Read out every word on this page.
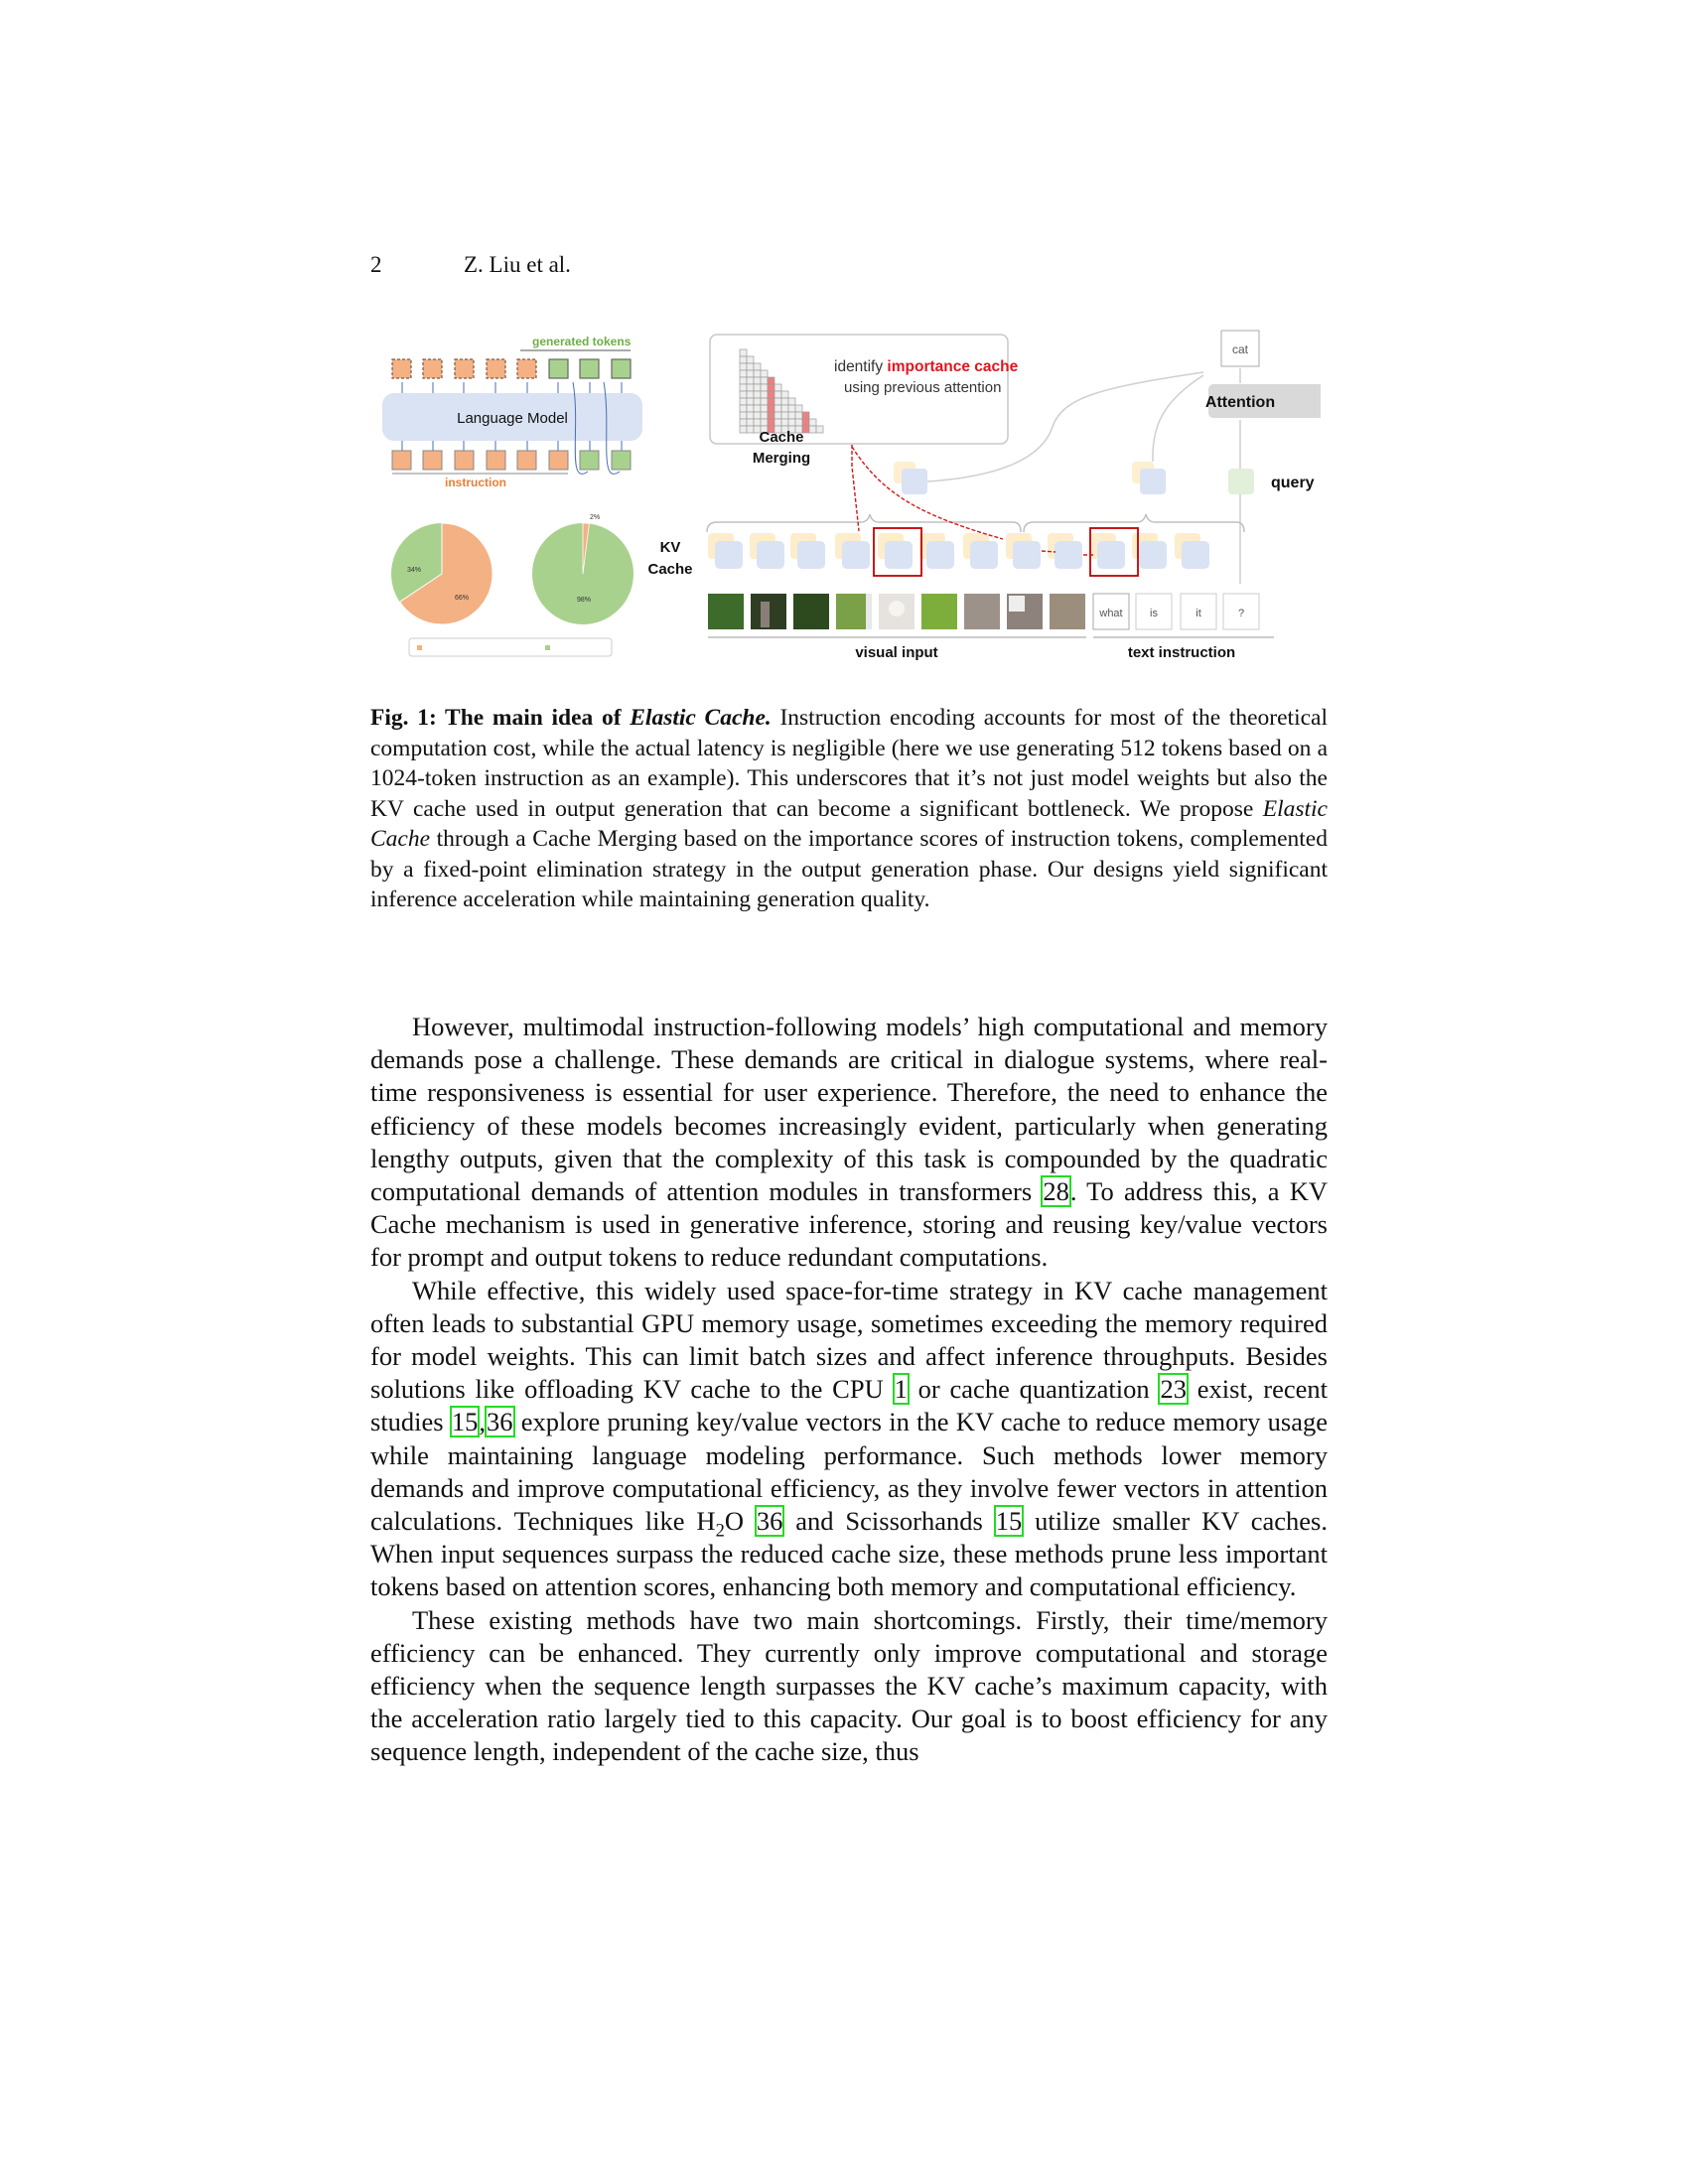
2	Z. Liu et al.
generated tokens
Language Model
instruction
34%
66%
2%
98%
identify importance cache
using previous attention
Cache
Merging
cat
Attention
query
KV
Cache
visual input
what is	it	?
text instruction
Fig. 1: The main idea of Elastic Cache. Instruction encoding accounts for most of the theoretical computation cost, while the actual latency is negligible (here we use generating 512 tokens based on a 1024-token instruction as an example). This underscores that it’s not just model weights but also the KV cache used in output generation that can become a significant bottleneck. We propose Elastic Cache through a Cache Merging based on the importance scores of instruction tokens, complemented by a fixed-point elimination strategy in the output generation phase. Our designs yield significant inference acceleration while maintaining generation quality.

However, multimodal instruction-following models’ high computational and memory demands pose a challenge. These demands are critical in dialogue systems, where real-time responsiveness is essential for user experience. Therefore, the need to enhance the efficiency of these models becomes increasingly evident, particularly when generating lengthy outputs, given that the complexity of this task is compounded by the quadratic computational demands of attention modules in transformers 28. To address this, a KV Cache mechanism is used in generative inference, storing and reusing key/value vectors for prompt and output tokens to reduce redundant computations.

While effective, this widely used space-for-time strategy in KV cache management often leads to substantial GPU memory usage, sometimes exceeding the memory required for model weights. This can limit batch sizes and affect inference throughputs. Besides solutions like offloading KV cache to the CPU 1 or cache quantization 23 exist, recent studies 15,36 explore pruning key/value vectors in the KV cache to reduce memory usage while maintaining language modeling performance. Such methods lower memory demands and improve computational efficiency, as they involve fewer vectors in attention calculations. Techniques like $H_2O$ 36 and Scissorhands 15 utilize smaller KV caches. When input sequences surpass the reduced cache size, these methods prune less important tokens based on attention scores, enhancing both memory and computational efficiency.

These existing methods have two main shortcomings. Firstly, their time/memory efficiency can be enhanced. They currently only improve computational and storage efficiency when the sequence length surpasses the KV cache’s maximum capacity, with the acceleration ratio largely tied to this capacity. Our goal is to boost efficiency for any sequence length, independent of the cache size, thus
